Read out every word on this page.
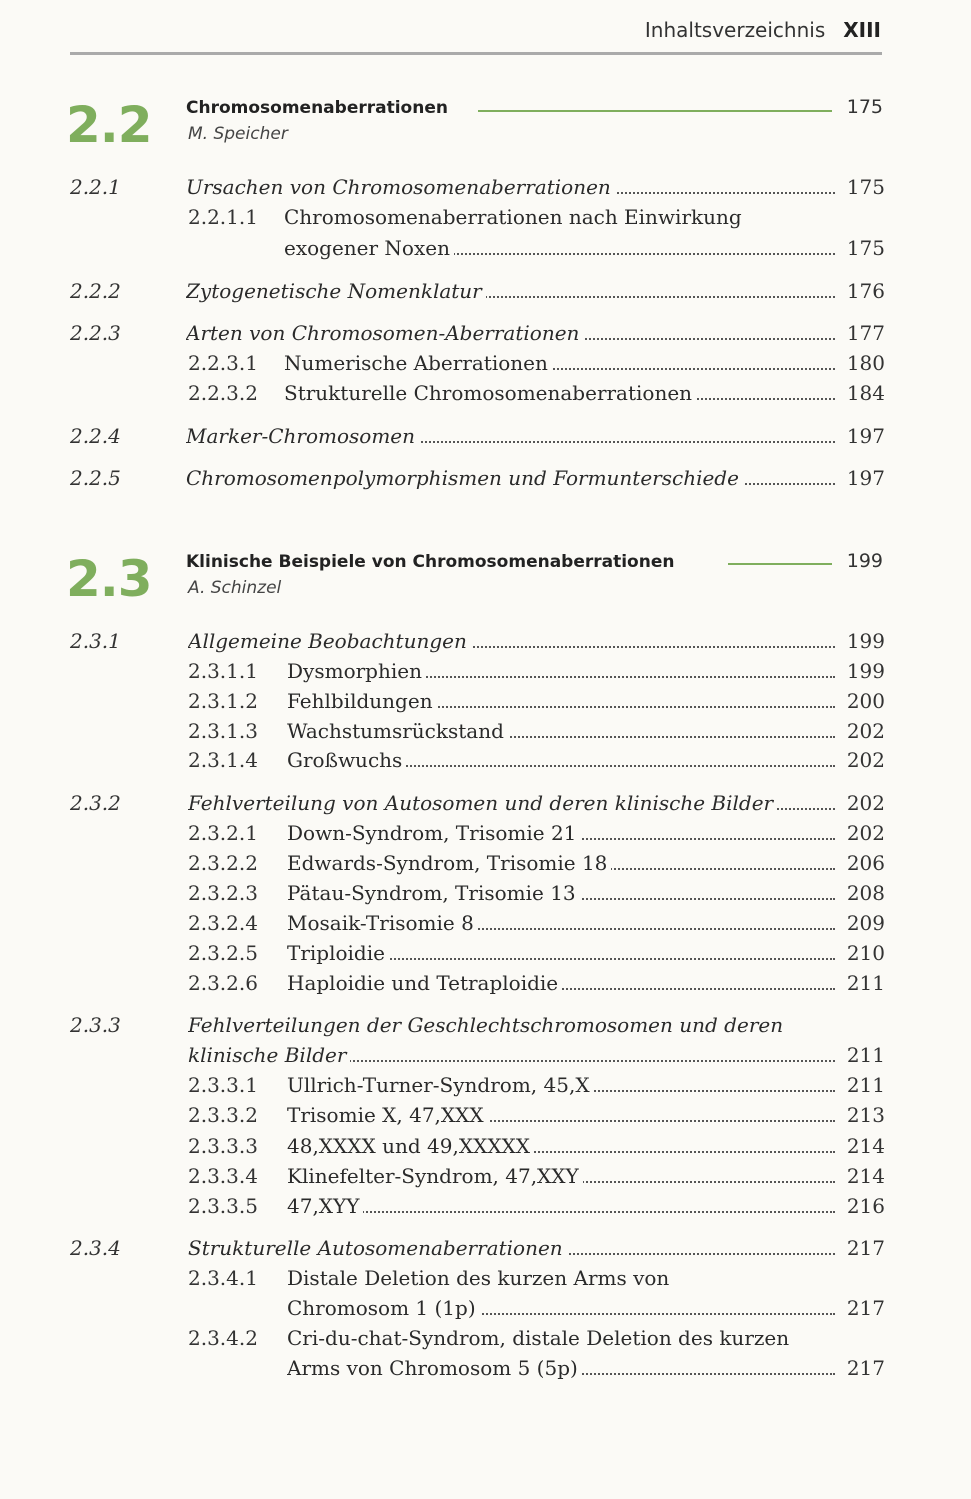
Inhaltsverzeichnis XIII
2.2 Chromosomenaberrationen	175
M. Speicher
2.2.1	Ursachen von Chromosomenaberrationen	175
2.2.1.1 Chromosomenaberrationen nach Einwirkung
exogener Noxen	175
2.2.2	Zytogenetische Nomenklatur	176
2.2.3	Arten von Chromosomen-Aberrationen	177
2.2.3.1 Numerische Aberrationen	180
2.2.3.2 Strukturelle Chromosomenaberrationen	184
2.2.4	Marker-Chromosomen	197
2.2.5	Chromosomenpolymorphismen und Formunterschiede	197
2.3 Klinische Beispiele von Chromosomenaberrationen	199
A. Schinzel
2.3.1	Allgemeine Beobachtungen	199
2.3.1.1 Dysmorphien	199
2.3.1.2 Fehlbildungen	200
2.3.1.3 Wachstumsrückstand	202
2.3.1.4 Großwuchs	202
2.3.2	Fehlverteilung von Autosomen und deren klinische Bilder	202
2.3.2.1 Down-Syndrom, Trisomie 21	202
2.3.2.2 Edwards-Syndrom, Trisomie 18	206
2.3.2.3 Pätau-Syndrom, Trisomie 13	208
2.3.2.4 Mosaik-Trisomie 8	209
2.3.2.5 Triploidie	210
2.3.2.6 Haploidie und Tetraploidie	211
2.3.3	Fehlverteilungen der Geschlechtschromosomen und deren
klinische Bilder	211
2.3.3.1 Ullrich-Turner-Syndrom, 45,X	211
2.3.3.2 Trisomie X, 47,XXX	213
2.3.3.3 48,XXXX und 49,XXXXX	214
2.3.3.4 Klinefelter-Syndrom, 47,XXY	214
2.3.3.5 47,XYY	216
2.3.4	Strukturelle Autosomenaberrationen	217
2.3.4.1 Distale Deletion des kurzen Arms von
Chromosom 1 (1p)	217
2.3.4.2 Cri-du-chat-Syndrom, distale Deletion des kurzen
Arms von Chromosom 5 (5p)	217
